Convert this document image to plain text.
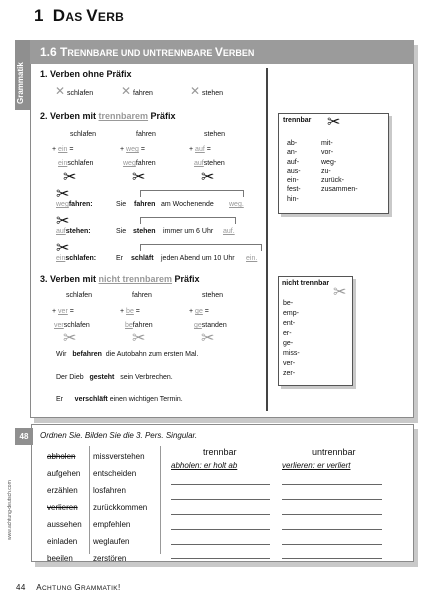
1 DAS VERB
1.6 TRENNBARE UND UNTRENNBARE VERBEN
Grammatik 1. Verben ohne Präfix
✕ schlafen ✕ fahren	✕ stehen
2. Verben mit trennbarem Präfix
schlafen	fahren	stehen
+ ein =	+ weg =	+ auf =
einschlafen	wegfahren	aufstehen
✂	✂	✂
✂
wegfahren:	Sie fahren am Wochenende weg.
✂
aufstehen:	Sie stehen immer um 6 Uhr auf.
✂
einschlafen:	Er schläft jeden Abend um 10 Uhr ein.
3. Verben mit nicht trennbarem Präfix
schlafen	fahren	stehen
+ ver =	+ be =	+ ge =
verschlafen	befahren	gestanden
✂	✂	✂
Wir befahren die Autobahn zum ersten Mal.
Der Dieb gesteht sein Verbrechen.
Er verschläft einen wichtigen Termin.
trennbar ✂
ab-
an-
auf-
aus-
ein-
fest-
hin-
mit-
vor-
weg-
zu-
zurück-
zusammen-
nicht trennbar
✂
be-
emp-
ent-
er-
ge-
miss-
ver-
zer-
48	Ordnen Sie. Bilden Sie die 3. Pers. Singular.
abholen
aufgehen
erzählen
verlieren
aussehen
einladen
beeilen
missverstehen
entscheiden
losfahren
zurückkommen
empfehlen
weglaufen
zerstören
trennbar	untrennbar
abholen: er holt ab	verlieren: er verliert
www.achtung-deutsch.com
44 ACHTUNG GRAMMATIK!
